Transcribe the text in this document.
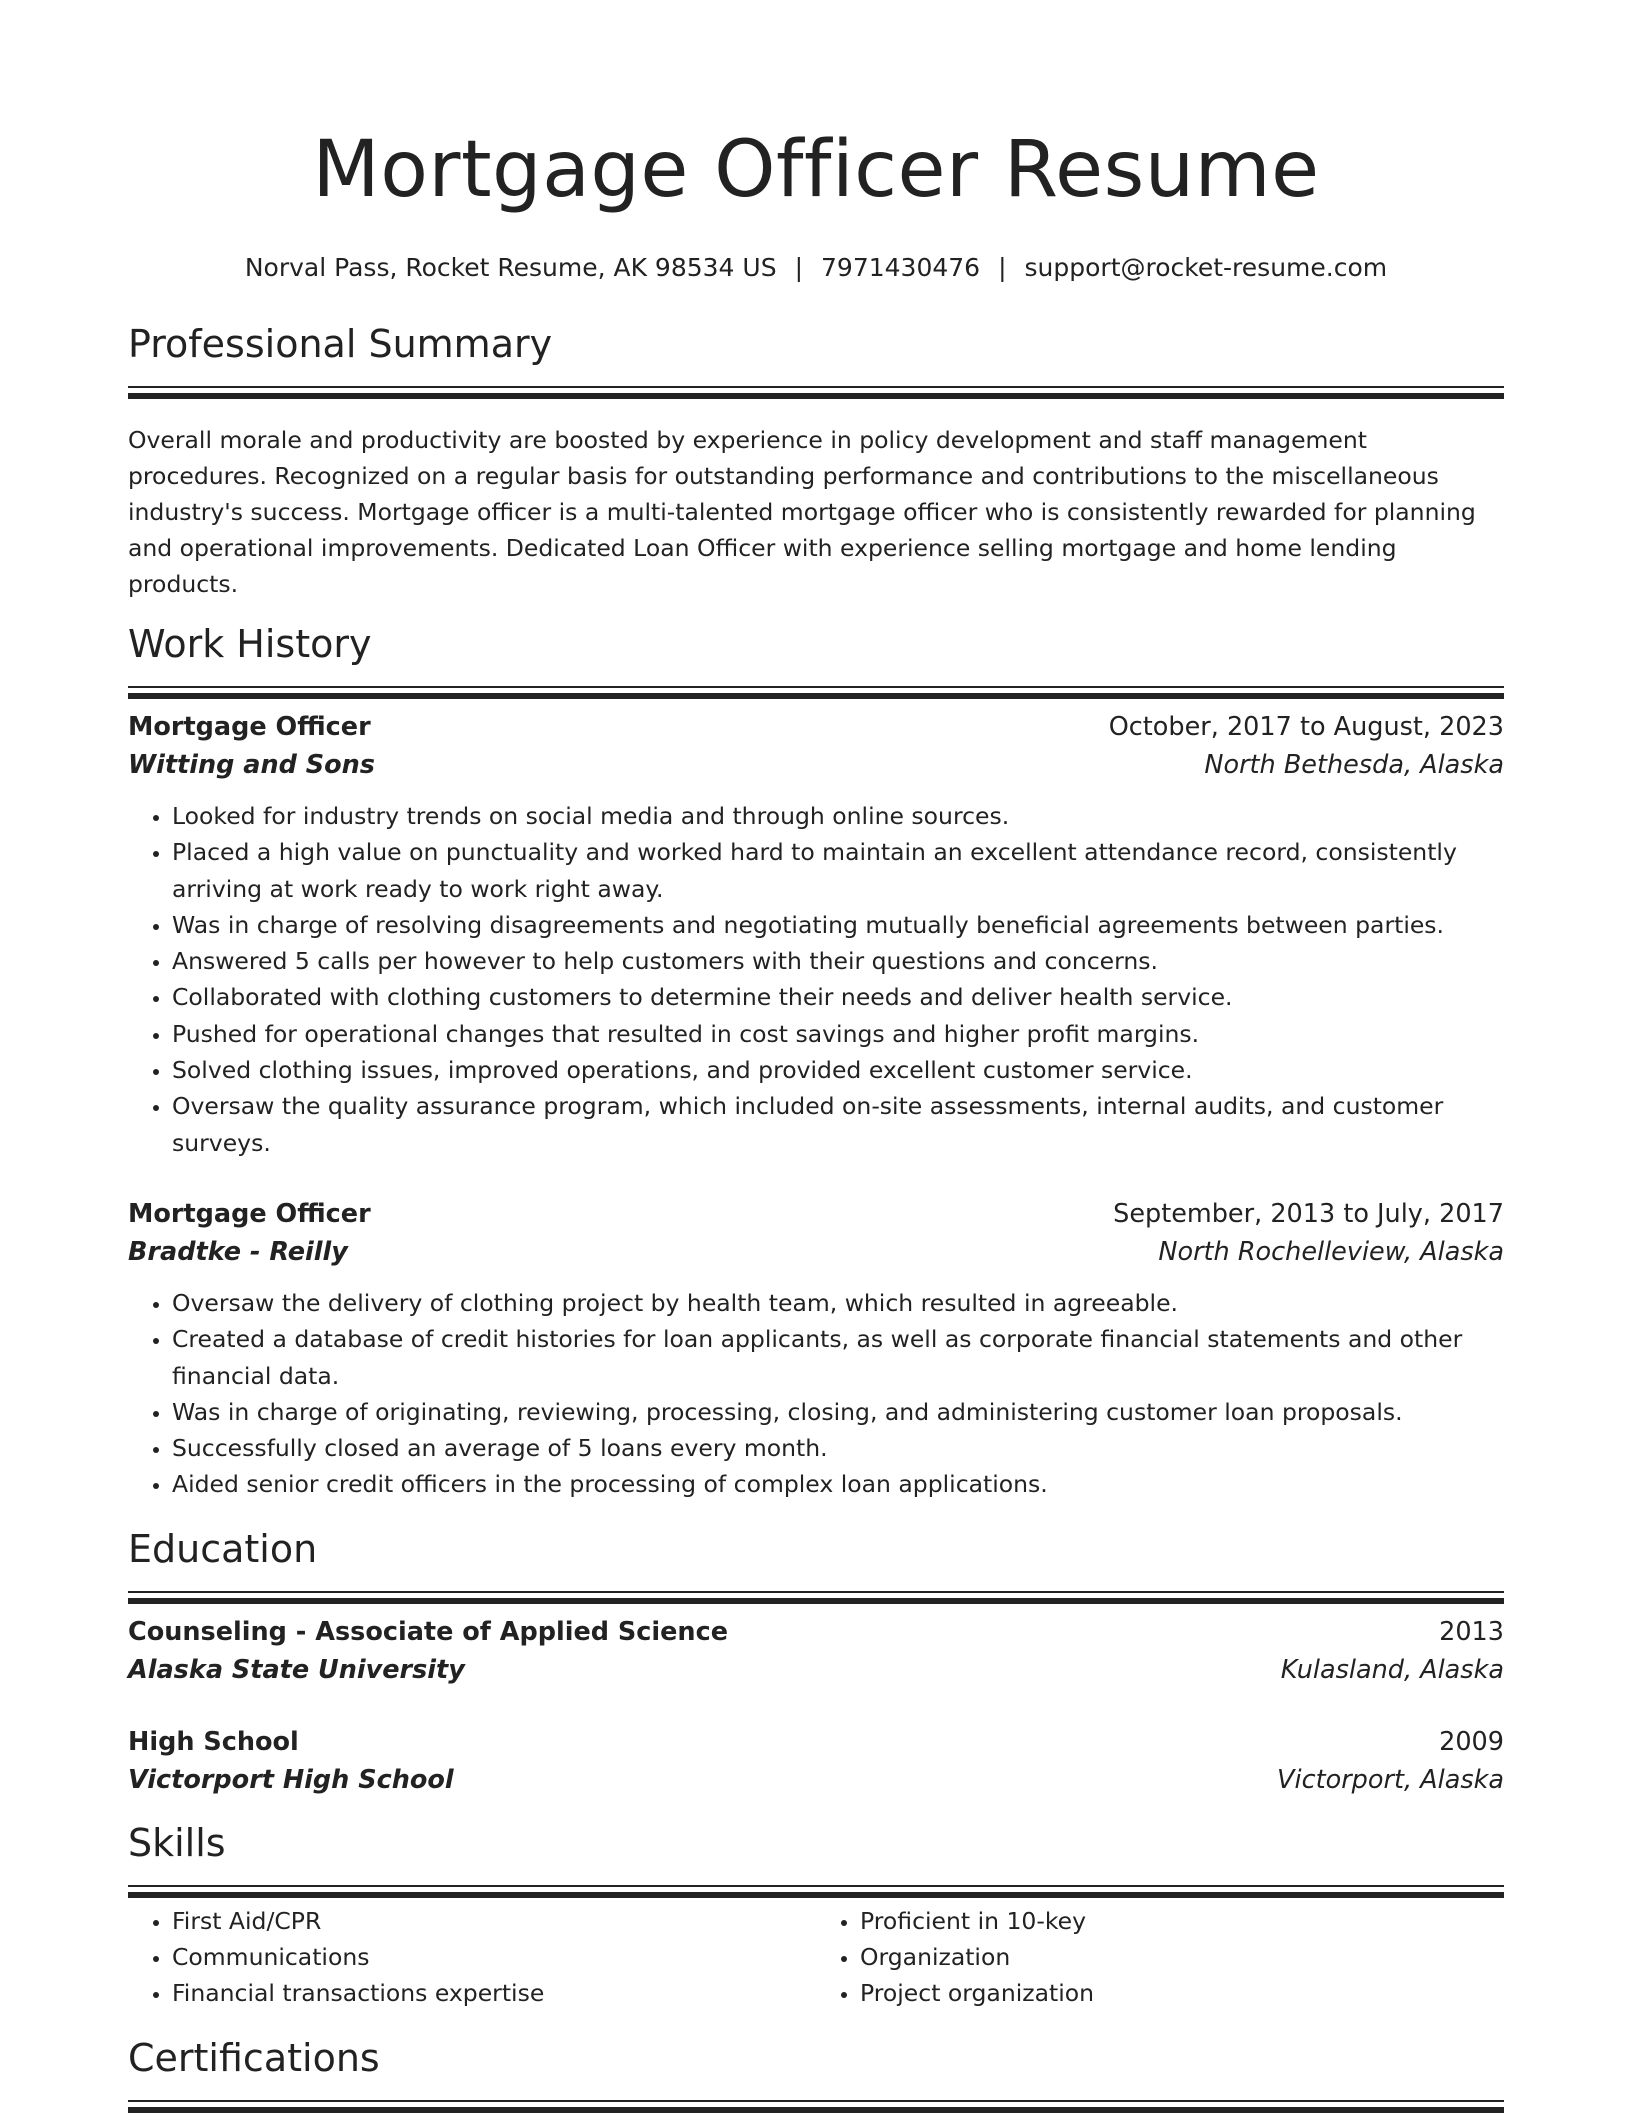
Mortgage Officer Resume
Norval Pass, Rocket Resume, AK 98534 US | 7971430476 | support@rocket-resume.com
Professional Summary
Overall morale and productivity are boosted by experience in policy development and staff management procedures. Recognized on a regular basis for outstanding performance and contributions to the miscellaneous industry's success. Mortgage officer is a multi-talented mortgage officer who is consistently rewarded for planning and operational improvements. Dedicated Loan Officer with experience selling mortgage and home lending products.
Work History
Mortgage Officer	October, 2017 to August, 2023
Witting and Sons	North Bethesda, Alaska
• Looked for industry trends on social media and through online sources.
• Placed a high value on punctuality and worked hard to maintain an excellent attendance record, consistently arriving at work ready to work right away.
• Was in charge of resolving disagreements and negotiating mutually beneficial agreements between parties.
• Answered 5 calls per however to help customers with their questions and concerns.
• Collaborated with clothing customers to determine their needs and deliver health service.
• Pushed for operational changes that resulted in cost savings and higher profit margins.
• Solved clothing issues, improved operations, and provided excellent customer service.
• Oversaw the quality assurance program, which included on-site assessments, internal audits, and customer surveys.
Mortgage Officer	September, 2013 to July, 2017
Bradtke - Reilly	North Rochelleview, Alaska
• Oversaw the delivery of clothing project by health team, which resulted in agreeable.
• Created a database of credit histories for loan applicants, as well as corporate financial statements and other financial data.
• Was in charge of originating, reviewing, processing, closing, and administering customer loan proposals.
• Successfully closed an average of 5 loans every month.
• Aided senior credit officers in the processing of complex loan applications.
Education
Counseling - Associate of Applied Science	2013
Alaska State University	Kulasland, Alaska
High School	2009
Victorport High School	Victorport, Alaska
Skills
• First Aid/CPR
• Communications
• Financial transactions expertise
• Proficient in 10-key
• Organization
• Project organization
Certifications
